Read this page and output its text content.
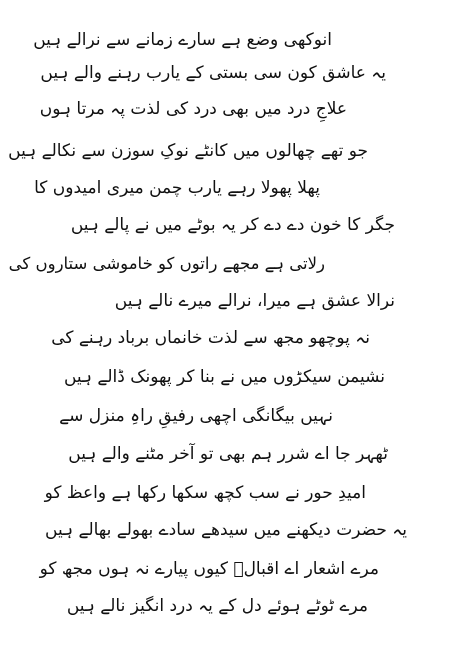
انوکھی وضع ہے سارے زمانے سے نرالے ہیں
یہ عاشق کون سی بستی کے یارب رہنے والے ہیں
علاجِ درد میں بھی درد کی لذت پہ مرتا ہوں
جو تھے چھالوں میں کانٹے نوکِ سوزن سے نکالے ہیں
پھلا پھولا رہے یارب چمن میری امیدوں کا
جگر کا خون دے دے کر یہ بوٹے میں نے پالے ہیں
رلاتی ہے مجھے راتوں کو خاموشی ستاروں کی
نرالا عشق ہے میرا، نرالے میرے نالے ہیں
نہ پوچھو مجھ سے لذت خانماں برباد رہنے کی
نشیمن سیکڑوں میں نے بنا کر پھونک ڈالے ہیں
نہیں بیگانگی اچھی رفیقِ راہِ منزل سے
ٹھہر جا اے شرر ہم بھی تو آخر مٹنے والے ہیں
امیدِ حور نے سب کچھ سکھا رکھا ہے واعظ کو
یہ حضرت دیکھنے میں سیدھے سادے بھولے بھالے ہیں
مرے اشعار اے اقبالؔ کیوں پیارے نہ ہوں مجھ کو
مرے ٹوٹے ہوئے دل کے یہ درد انگیز نالے ہیں
